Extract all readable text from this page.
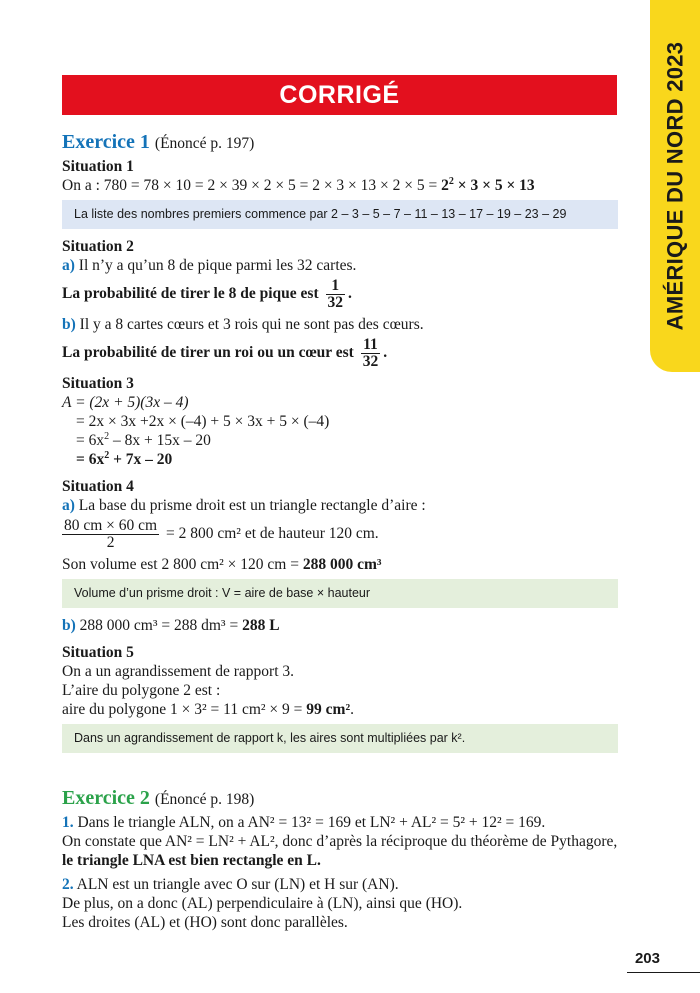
AMÉRIQUE DU NORD 2023
CORRIGÉ

Exercice 1 (Énoncé p. 197)

Situation 1

On a : $780 = 78 \times 10 = 2 \times 39 \times 2 \times 5 = 2 \times 3 \times 13 \times 2 \times 5 = 2^2 \times 3 \times 5 \times 13$

La liste des nombres premiers commence par 2 – 3 – 5 – 7 – 11 – 13 – 17 – 19 – 23 – 29

Situation 2

a) Il n’y a qu’un 8 de pique parmi les 32 cartes.

La probabilité de tirer le 8 de pique est $\frac{1}{32}$ .

b) Il y a 8 cartes cœurs et 3 rois qui ne sont pas des cœurs.

La probabilité de tirer un roi ou un cœur est $\frac{11}{32}$ .

Situation 3

A = (2x + 5)(3x – 4)

= 2x × 3x +2x × (–4) + 5 × 3x + 5 × (–4)

= $6x^2 - 8x + 15x - 20$

= $6x^2 + 7x - 20$

Situation 4

a) La base du prisme droit est un triangle rectangle d’aire :

$\frac{80 cm \times 60 cm}{2} = 2$ 800 cm² et de hauteur 120 cm.

Son volume est 2 800 cm² × 120 cm = 288 000 cm³

Volume d’un prisme droit : V = aire de base × hauteur

b) 288 000 cm³ = 288 dm³ = 288 L

Situation 5

On a un agrandissement de rapport 3.

L’aire du polygone 2 est :

aire du polygone 1 × 3² = 11 cm² × 9 = 99 cm².

Dans un agrandissement de rapport k, les aires sont multipliées par k².

Exercice 2 (Énoncé p. 198)

1. Dans le triangle ALN, on a AN² = 13² = 169 et LN² + AL² = 5² + 12² = 169.

On constate que AN² = LN² + AL², donc d’après la réciproque du théorème de Pythagore,

le triangle LNA est bien rectangle en L.

2. ALN est un triangle avec O sur (LN) et H sur (AN).

De plus, on a donc (AL) perpendiculaire à (LN), ainsi que (HO).

Les droites (AL) et (HO) sont donc parallèles.

203
